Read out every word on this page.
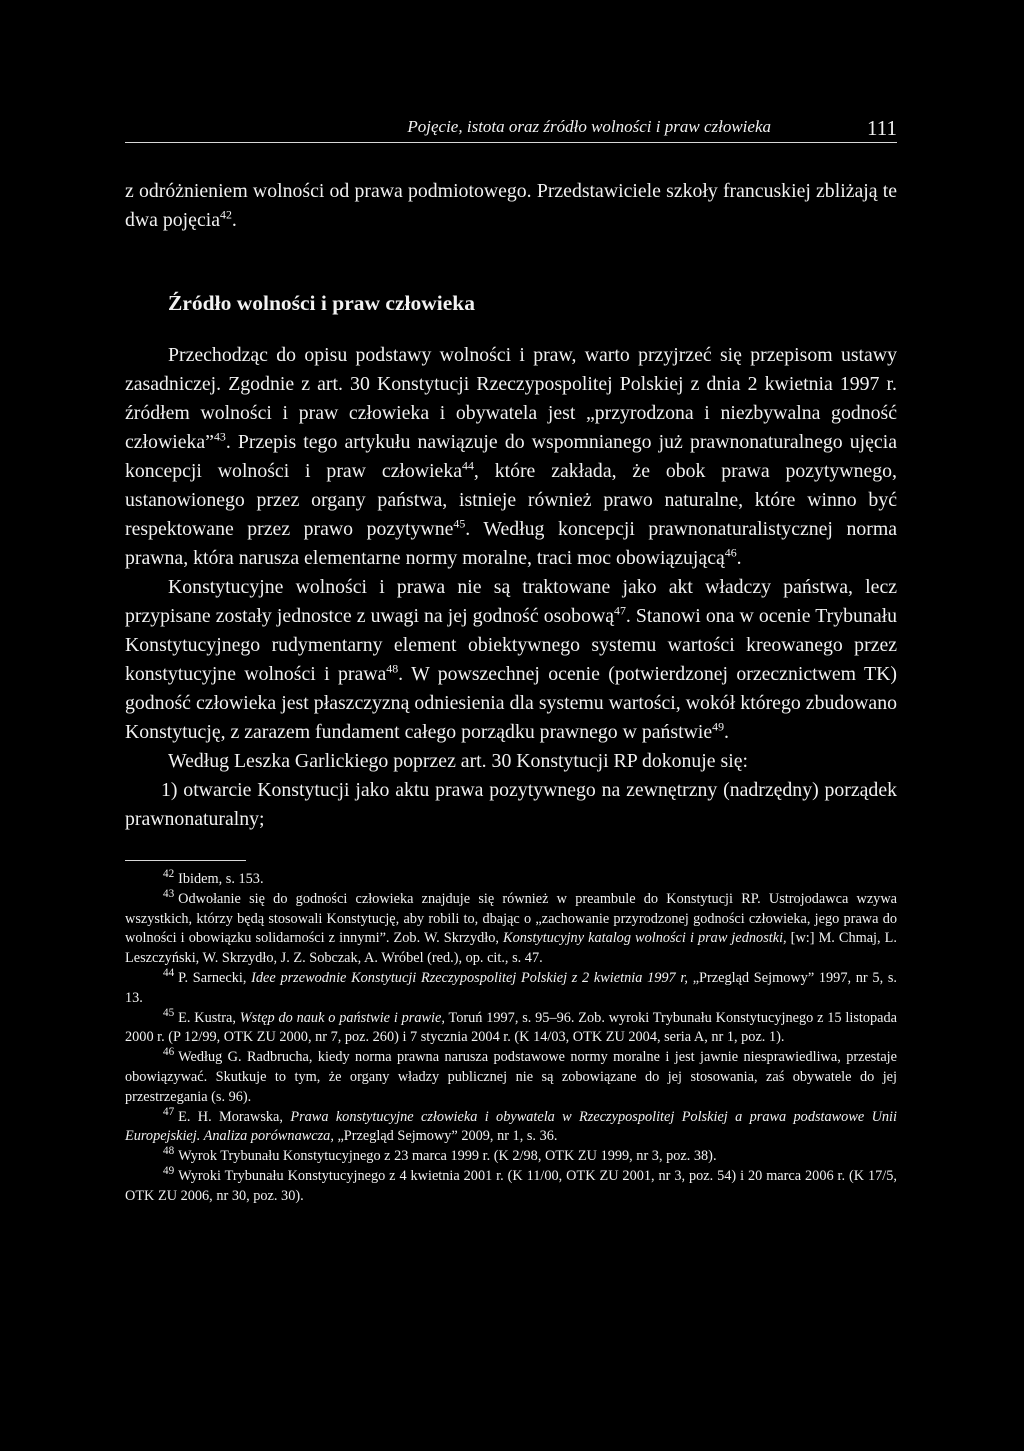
Pojęcie, istota oraz źródło wolności i praw człowieka	111

z odróżnieniem wolności od prawa podmiotowego. Przedstawiciele szkoły francuskiej zbliżają te dwa pojęcia$^{42}$.

Źródło wolności i praw człowieka

Przechodząc do opisu podstawy wolności i praw, warto przyjrzeć się przepisom ustawy zasadniczej. Zgodnie z art. 30 Konstytucji Rzeczypospolitej Polskiej z dnia 2 kwietnia 1997 r. źródłem wolności i praw człowieka i obywatela jest „przyrodzona i niezbywalna godność człowieka”$^{43}$. Przepis tego artykułu nawiązuje do wspomnianego już prawnonaturalnego ujęcia koncepcji wolności i praw człowieka$^{44}$, które zakłada, że obok prawa pozytywnego, ustanowionego przez organy państwa, istnieje również prawo naturalne, które winno być respektowane przez prawo pozytywne$^{45}$. Według koncepcji prawnonaturalistycznej norma prawna, która narusza elementarne normy moralne, traci moc obowiązującą$^{46}$.

Konstytucyjne wolności i prawa nie są traktowane jako akt władczy państwa, lecz przypisane zostały jednostce z uwagi na jej godność osobową$^{47}$. Stanowi ona w ocenie Trybunału Konstytucyjnego rudymentarny element obiektywnego systemu wartości kreowanego przez konstytucyjne wolności i prawa$^{48}$. W powszechnej ocenie (potwierdzonej orzecznictwem TK) godność człowieka jest płaszczyzną odniesienia dla systemu wartości, wokół którego zbudowano Konstytucję, z zarazem fundament całego porządku prawnego w państwie$^{49}$.

Według Leszka Garlickiego poprzez art. 30 Konstytucji RP dokonuje się:

1) otwarcie Konstytucji jako aktu prawa pozytywnego na zewnętrzny (nadrzędny) porządek prawnonaturalny;

$^{42}$ Ibidem, s. 153.

$^{43}$ Odwołanie się do godności człowieka znajduje się również w preambule do Konstytucji RP. Ustrojodawca wzywa wszystkich, którzy będą stosowali Konstytucję, aby robili to, dbając o „zachowanie przyrodzonej godności człowieka, jego prawa do wolności i obowiązku solidarności z innymi”. Zob. W. Skrzydło, Konstytucyjny katalog wolności i praw jednostki, [w:] M. Chmaj, L. Leszczyński, W. Skrzydło, J. Z. Sobczak, A. Wróbel (red.), op. cit., s. 47.

$^{44}$ P. Sarnecki, Idee przewodnie Konstytucji Rzeczypospolitej Polskiej z 2 kwietnia 1997 r, „Przegląd Sejmowy” 1997, nr 5, s. 13.

$^{45}$ E. Kustra, Wstęp do nauk o państwie i prawie, Toruń 1997, s. 95–96. Zob. wyroki Trybunału Konstytucyjnego z 15 listopada 2000 r. (P 12/99, OTK ZU 2000, nr 7, poz. 260) i 7 stycznia 2004 r. (K 14/03, OTK ZU 2004, seria A, nr 1, poz. 1).

$^{46}$ Według G. Radbrucha, kiedy norma prawna narusza podstawowe normy moralne i jest jawnie niesprawiedliwa, przestaje obowiązywać. Skutkuje to tym, że organy władzy publicznej nie są zobowiązane do jej stosowania, zaś obywatele do jej przestrzegania (s. 96).

$^{47}$ E. H. Morawska, Prawa konstytucyjne człowieka i obywatela w Rzeczypospolitej Polskiej a prawa podstawowe Unii Europejskiej. Analiza porównawcza, „Przegląd Sejmowy” 2009, nr 1, s. 36.

$^{48}$ Wyrok Trybunału Konstytucyjnego z 23 marca 1999 r. (K 2/98, OTK ZU 1999, nr 3, poz. 38).

$^{49}$ Wyroki Trybunału Konstytucyjnego z 4 kwietnia 2001 r. (K 11/00, OTK ZU 2001, nr 3, poz. 54) i 20 marca 2006 r. (K 17/5, OTK ZU 2006, nr 30, poz. 30).
